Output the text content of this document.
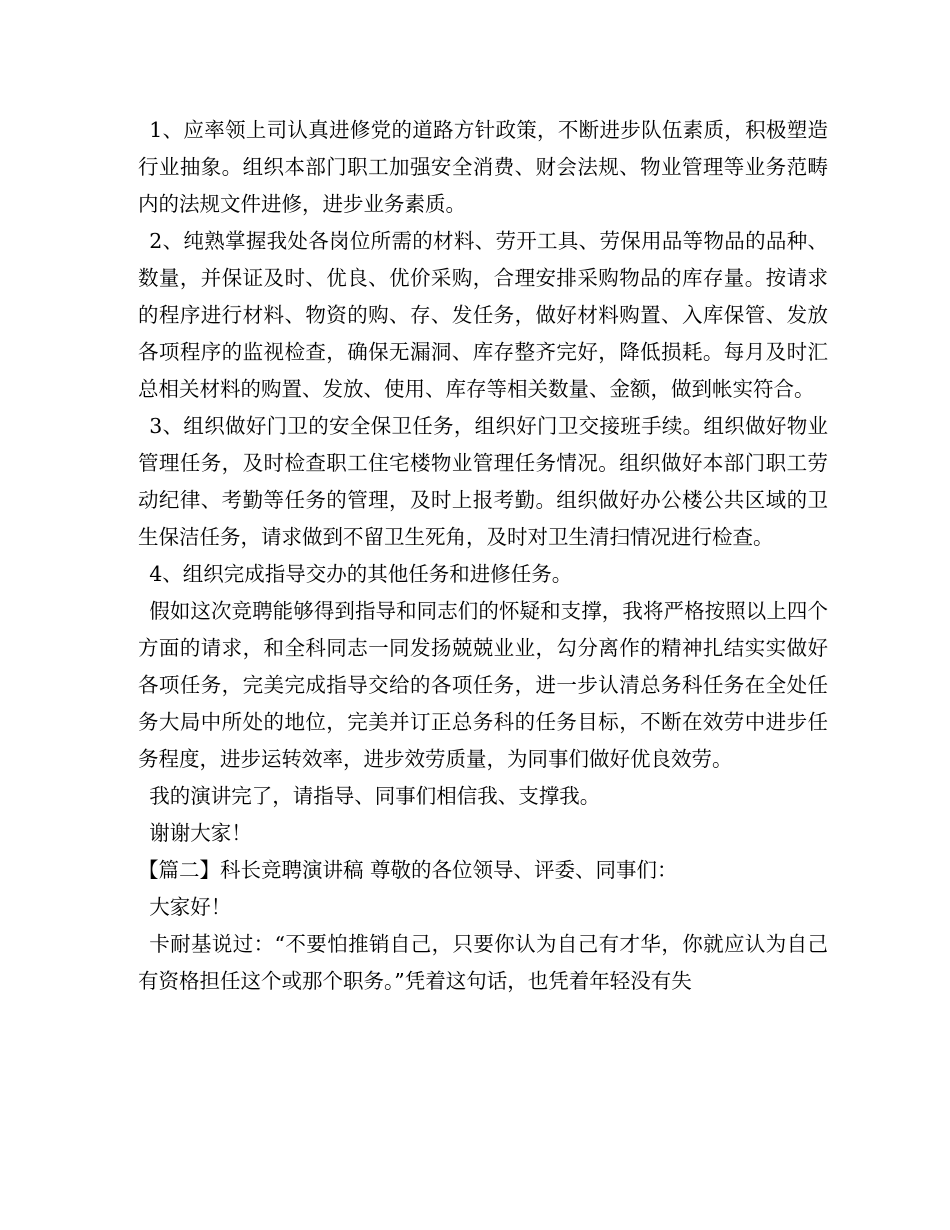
1、应率领上司认真进修党的道路方针政策，不断进步队伍素质，积极塑造行业抽象。组织本部门职工加强安全消费、财会法规、物业管理等业务范畴内的法规文件进修，进步业务素质。

2、纯熟掌握我处各岗位所需的材料、劳开工具、劳保用品等物品的品种、数量，并保证及时、优良、优价采购，合理安排采购物品的库存量。按请求的程序进行材料、物资的购、存、发任务，做好材料购置、入库保管、发放各项程序的监视检查，确保无漏洞、库存整齐完好，降低损耗。每月及时汇总相关材料的购置、发放、使用、库存等相关数量、金额，做到帐实符合。

3、组织做好门卫的安全保卫任务，组织好门卫交接班手续。组织做好物业管理任务，及时检查职工住宅楼物业管理任务情况。组织做好本部门职工劳动纪律、考勤等任务的管理，及时上报考勤。组织做好办公楼公共区域的卫生保洁任务，请求做到不留卫生死角，及时对卫生清扫情况进行检查。

4、组织完成指导交办的其他任务和进修任务。

假如这次竞聘能够得到指导和同志们的怀疑和支撑，我将严格按照以上四个方面的请求，和全科同志一同发扬兢兢业业，勾分离作的精神扎结实实做好各项任务，完美完成指导交给的各项任务，进一步认清总务科任务在全处任务大局中所处的地位，完美并订正总务科的任务目标，不断在效劳中进步任务程度，进步运转效率，进步效劳质量，为同事们做好优良效劳。

我的演讲完了，请指导、同事们相信我、支撑我。

谢谢大家！

【篇二】科长竞聘演讲稿 尊敬的各位领导、评委、同事们：

大家好！

卡耐基说过：“不要怕推销自己，只要你认为自己有才华，你就应认为自己有资格担任这个或那个职务。”凭着这句话，也凭着年轻没有失
